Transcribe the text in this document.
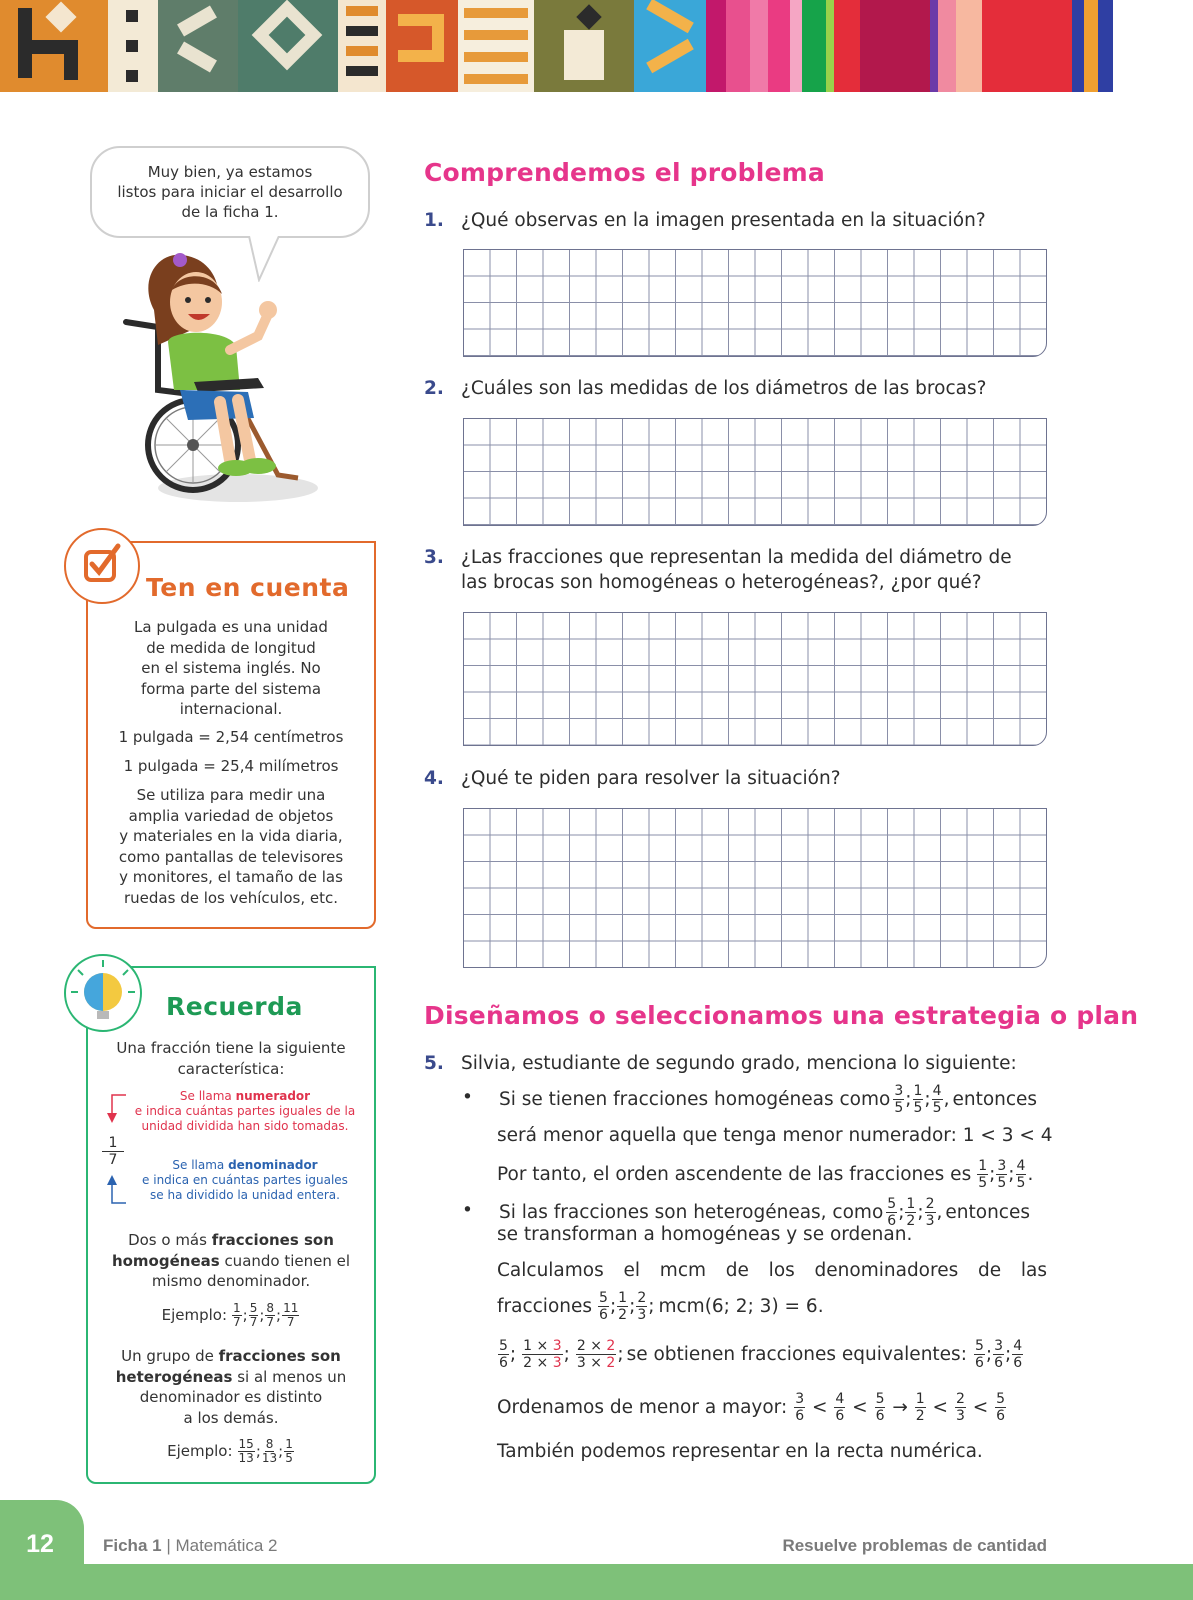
Muy bien, ya estamos
listos para iniciar el desarrollo
de la ficha 1.
Ten en cuenta
La pulgada es una unidad
de medida de longitud
en el sistema inglés. No
forma parte del sistema
internacional.
1 pulgada = 2,54 centímetros
1 pulgada = 25,4 milímetros
Se utiliza para medir una
amplia variedad de objetos
y materiales en la vida diaria,
como pantallas de televisores
y monitores, el tamaño de las
ruedas de los vehículos, etc.
Recuerda
Una fracción tiene la siguiente
característica:
1
7
Se llama numerador
e indica cuántas partes iguales de la
unidad dividida han sido tomadas.
Se llama denominador
e indica en cuántas partes iguales
se ha dividido la unidad entera.
Dos o más fracciones son
homogéneas cuando tienen el
mismo denominador.
Ejemplo: $\frac{1}{7}$ ; $\frac{5}{7}$ ; $\frac{8}{7}$ ; $\frac{11}{7}$
Un grupo de fracciones son
heterogéneas si al menos un
denominador es distinto
a los demás.
Ejemplo: $\frac{15}{13}$ ; $\frac{8}{13}$ ; $\frac{1}{5}$
Comprendemos el problema
1. ¿Qué observas en la imagen presentada en la situación?
2. ¿Cuáles son las medidas de los diámetros de las brocas?
3. ¿Las fracciones que representan la medida del diámetro de
las brocas son homogéneas o heterogéneas?, ¿por qué?
4. ¿Qué te piden para resolver la situación?
Diseñamos o seleccionamos una estrategia o plan
5. Silvia, estudiante de segundo grado, menciona lo siguiente:
• Si se tienen fracciones homogéneas como $\frac{3}{5}$ ; $\frac{1}{5}$ ; $\frac{4}{5}$ , entonces
será menor aquella que tenga menor numerador: 1 < 3 < 4
Por tanto, el orden ascendente de las fracciones es $\frac{1}{5}$ ; $\frac{3}{5}$ ; $\frac{4}{5}$ .
• Si las fracciones son heterogéneas, como $\frac{5}{6}$ ; $\frac{1}{2}$ ; $\frac{2}{3}$ , entonces
se transforman a homogéneas y se ordenan.
Calculamos el mcm de los denominadores de las
fracciones $\frac{5}{6}$ ; $\frac{1}{2}$ ; $\frac{2}{3}$ ; mcm(6; 2; 3) = 6.
$\frac{5}{6}$ ; $\frac{1 \times 3}{2 \times 3}$ ; $\frac{2 \times 2}{3 \times 2}$ ; se obtienen fracciones equivalentes: $\frac{5}{6}$ ; $\frac{3}{6}$ ; $\frac{4}{6}$
Ordenamos de menor a mayor: $\frac{3}{6} < \frac{4}{6} < \frac{5}{6} \to \frac{1}{2} < \frac{2}{3} < \frac{5}{6}$
También podemos representar en la recta numérica.
12	Ficha 1 | Matemática 2	Resuelve problemas de cantidad
